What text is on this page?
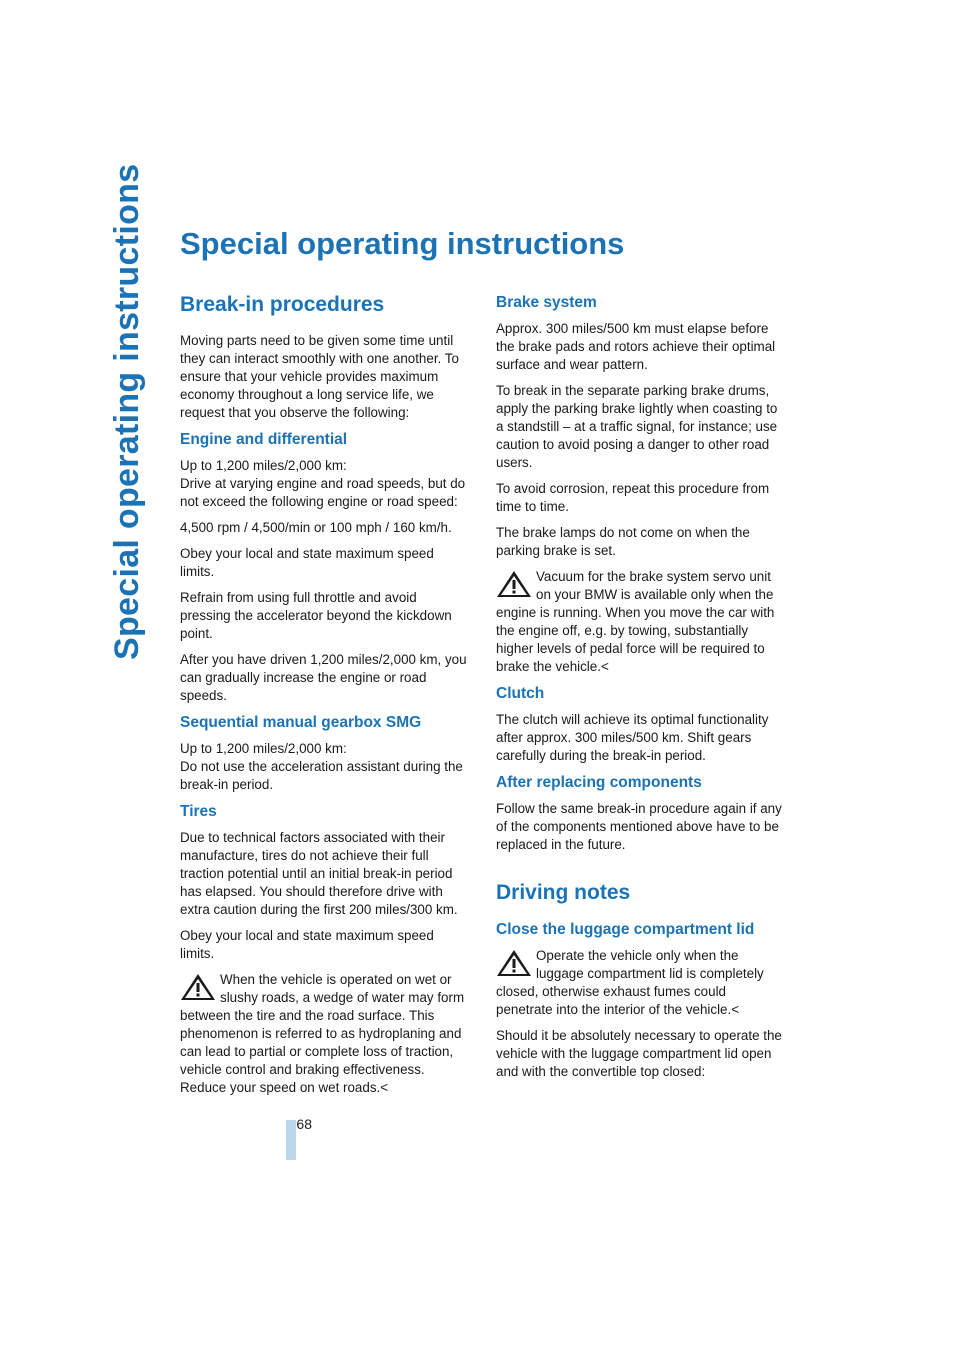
Special operating instructions Special operating instructions
Break-in procedures

Moving parts need to be given some time until they can interact smoothly with one another. To ensure that your vehicle provides maximum economy throughout a long service life, we request that you observe the following:

Engine and differential

Up to 1,200 miles/2,000 km:
Drive at varying engine and road speeds, but do not exceed the following engine or road speed:

4,500 rpm / 4,500/min or 100 mph / 160 km/h.

Obey your local and state maximum speed limits.

Refrain from using full throttle and avoid pressing the accelerator beyond the kickdown point.

After you have driven 1,200 miles/2,000 km, you can gradually increase the engine or road speeds.

Sequential manual gearbox SMG

Up to 1,200 miles/2,000 km:
Do not use the acceleration assistant during the break-in period.

Tires

Due to technical factors associated with their manufacture, tires do not achieve their full traction potential until an initial break-in period has elapsed. You should therefore drive with extra caution during the first 200 miles/300 km.

Obey your local and state maximum speed limits.

When the vehicle is operated on wet or slushy roads, a wedge of water may form between the tire and the road surface. This phenomenon is referred to as hydroplaning and can lead to partial or complete loss of traction, vehicle control and braking effectiveness. Reduce your speed on wet roads.<
Brake system

Approx. 300 miles/500 km must elapse before the brake pads and rotors achieve their optimal surface and wear pattern.

To break in the separate parking brake drums, apply the parking brake lightly when coasting to a standstill – at a traffic signal, for instance; use caution to avoid posing a danger to other road users.

To avoid corrosion, repeat this procedure from time to time.

The brake lamps do not come on when the parking brake is set.

Vacuum for the brake system servo unit on your BMW is available only when the engine is running. When you move the car with the engine off, e.g. by towing, substantially higher levels of pedal force will be required to brake the vehicle.<
Clutch

The clutch will achieve its optimal functionality after approx. 300 miles/500 km. Shift gears carefully during the break-in period.

After replacing components

Follow the same break-in procedure again if any of the components mentioned above have to be replaced in the future.

Driving notes
Close the luggage compartment lid
Operate the vehicle only when the luggage compartment lid is completely closed, otherwise exhaust fumes could penetrate into the interior of the vehicle.<

Should it be absolutely necessary to operate the vehicle with the luggage compartment lid open and with the convertible top closed:

68
